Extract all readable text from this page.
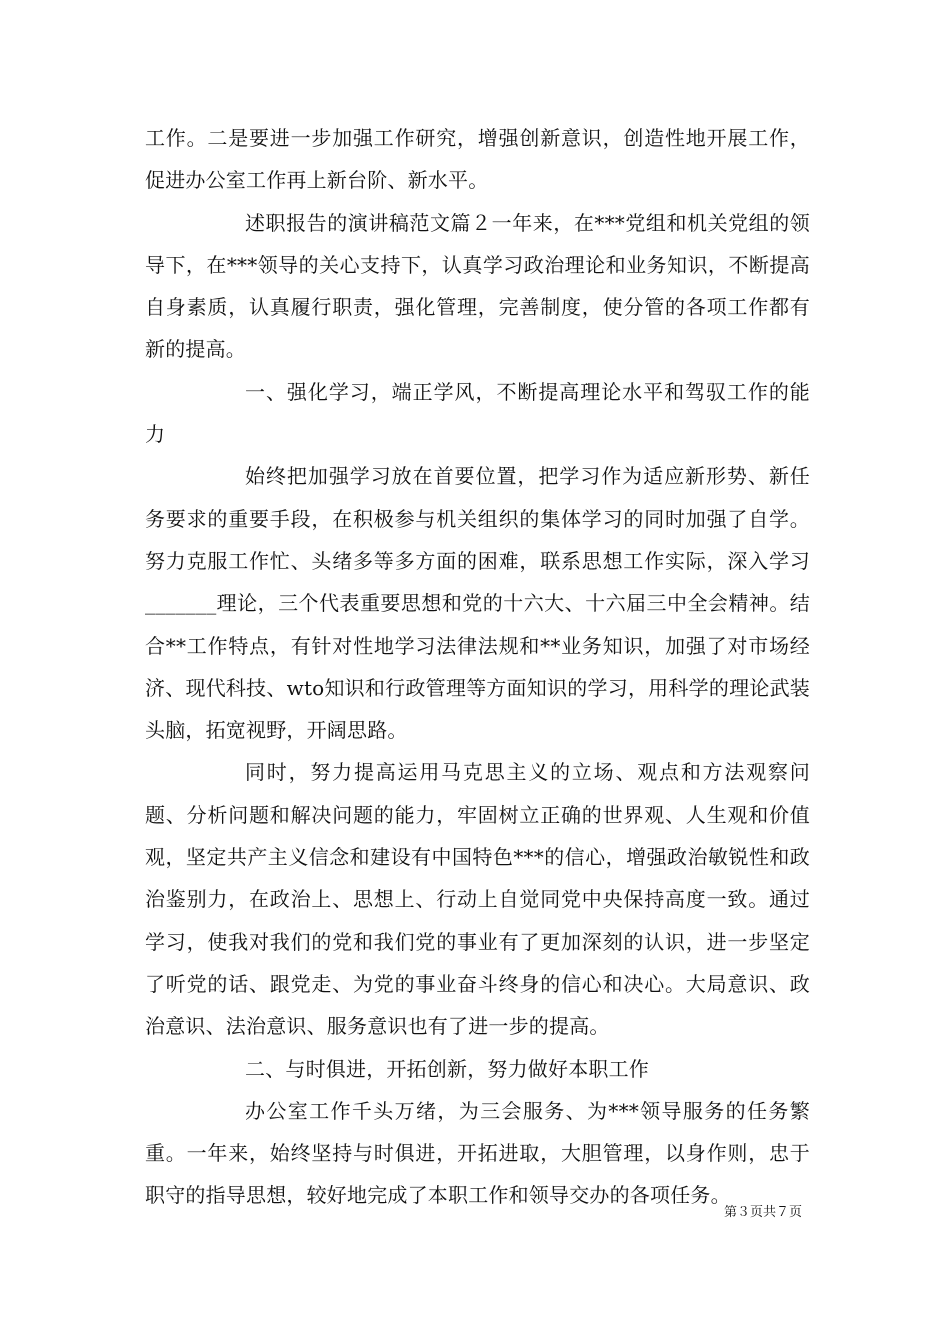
工作。二是要进一步加强工作研究，增强创新意识，创造性地开展工作，促进办公室工作再上新台阶、新水平。

述职报告的演讲稿范文篇２一年来，在***党组和机关党组的领导下，在***领导的关心支持下，认真学习政治理论和业务知识，不断提高自身素质，认真履行职责，强化管理，完善制度，使分管的各项工作都有新的提高。

一、强化学习，端正学风，不断提高理论水平和驾驭工作的能力

始终把加强学习放在首要位置，把学习作为适应新形势、新任务要求的重要手段，在积极参与机关组织的集体学习的同时加强了自学。努力克服工作忙、头绪多等多方面的困难，联系思想工作实际，深入学习_______理论，三个代表重要思想和党的十六大、十六届三中全会精神。结合**工作特点，有针对性地学习法律法规和**业务知识，加强了对市场经济、现代科技、wto知识和行政管理等方面知识的学习，用科学的理论武装头脑，拓宽视野，开阔思路。

同时，努力提高运用马克思主义的立场、观点和方法观察问题、分析问题和解决问题的能力，牢固树立正确的世界观、人生观和价值观，坚定共产主义信念和建设有中国特色***的信心，增强政治敏锐性和政治鉴别力，在政治上、思想上、行动上自觉同党中央保持高度一致。通过学习，使我对我们的党和我们党的事业有了更加深刻的认识，进一步坚定了听党的话、跟党走、为党的事业奋斗终身的信心和决心。大局意识、政治意识、法治意识、服务意识也有了进一步的提高。

二、与时俱进，开拓创新，努力做好本职工作

办公室工作千头万绪，为三会服务、为***领导服务的任务繁重。一年来，始终坚持与时俱进，开拓进取，大胆管理，以身作则，忠于职守的指导思想，较好地完成了本职工作和领导交办的各项任务。

第３页共７页
